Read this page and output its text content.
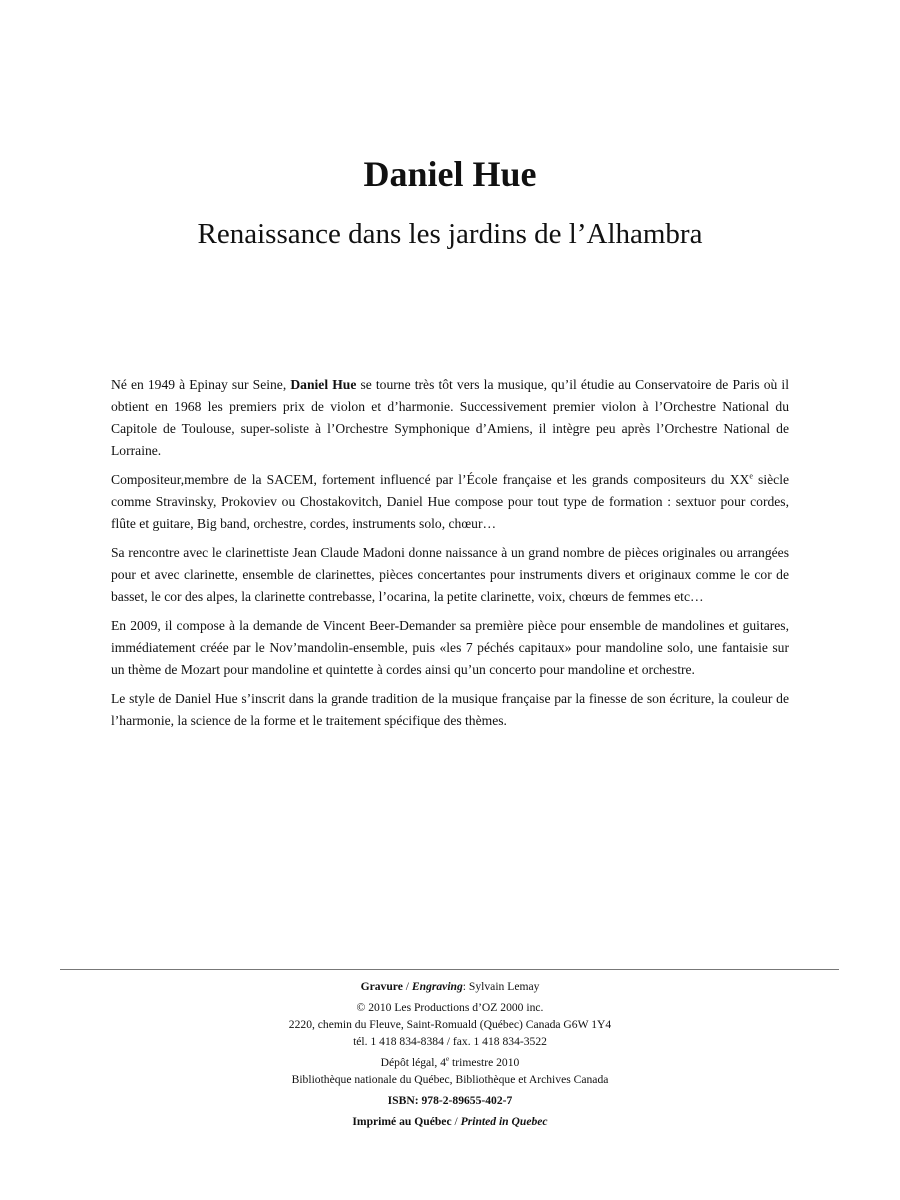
Daniel Hue
Renaissance dans les jardins de l’Alhambra

Né en 1949 à Epinay sur Seine, Daniel Hue se tourne très tôt vers la musique, qu’il étudie au Conservatoire de Paris où il obtient en 1968 les premiers prix de violon et d’harmonie. Successivement premier violon à l’Orchestre National du Capitole de Toulouse, super-soliste à l’Orchestre Symphonique d’Amiens, il intègre peu après l’Orchestre National de Lorraine.

Compositeur,membre de la SACEM, fortement influencé par l’École française et les grands compositeurs du XXe siècle comme Stravinsky, Prokoviev ou Chostakovitch, Daniel Hue compose pour tout type de formation : sextuor pour cordes, flûte et guitare, Big band, orchestre, cordes, instruments solo, chœur…

Sa rencontre avec le clarinettiste Jean Claude Madoni donne naissance à un grand nombre de pièces originales ou arrangées pour et avec clarinette, ensemble de clarinettes, pièces concertantes pour instruments divers et originaux comme le cor de basset, le cor des alpes, la clarinette contrebasse, l’ocarina, la petite clarinette, voix, chœurs de femmes etc…

En 2009, il compose à la demande de Vincent Beer-Demander sa première pièce pour ensemble de mandolines et guitares, immédiatement créée par le Nov’mandolin-ensemble, puis «les 7 péchés capitaux» pour mandoline solo, une fantaisie sur un thème de Mozart pour mandoline et quintette à cordes ainsi qu’un concerto pour mandoline et orchestre.

Le style de Daniel Hue s’inscrit dans la grande tradition de la musique française par la finesse de son écriture, la couleur de l’harmonie, la science de la forme et le traitement spécifique des thèmes.

Gravure / Engraving: Sylvain Lemay
© 2010 Les Productions d’OZ 2000 inc.
2220, chemin du Fleuve, Saint-Romuald (Québec) Canada G6W 1Y4
tél. 1 418 834-8384 / fax. 1 418 834-3522
Dépôt légal, 4e trimestre 2010
Bibliothèque nationale du Québec, Bibliothèque et Archives Canada
ISBN: 978-2-89655-402-7
Imprimé au Québec / Printed in Quebec
